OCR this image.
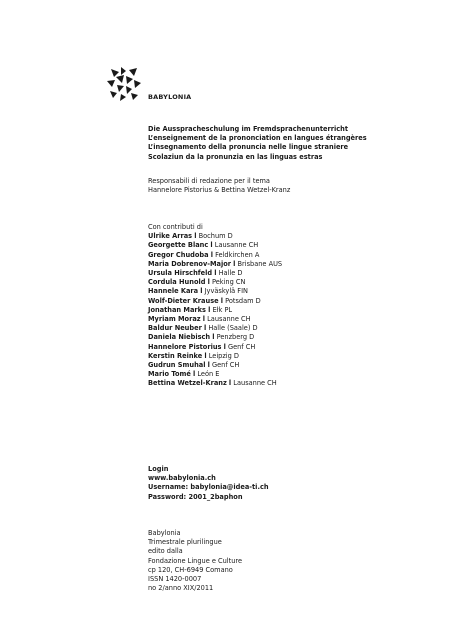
BABYLONIA
Die Ausspracheschulung im Fremdsprachenunterricht
L’enseignement de la prononciation en langues étrangères
L’insegnamento della pronuncia nelle lingue straniere
Scolaziun da la pronunzia en las linguas estras
Responsabili di redazione per il tema
Hannelore Pistorius & Bettina Wetzel-Kranz
Con contributi di
Ulrike Arras l Bochum D
Georgette Blanc l Lausanne CH
Gregor Chudoba l Feldkirchen A
Maria Dobrenov-Major l Brisbane AUS
Ursula Hirschfeld l Halle D
Cordula Hunold l Peking CN
Hannele Kara l Jyväskylä FIN
Wolf-Dieter Krause l Potsdam D
Jonathan Marks l Ełk PL
Myriam Moraz l Lausanne CH
Baldur Neuber l Halle (Saale) D
Daniela Niebisch l Penzberg D
Hannelore Pistorius l Genf CH
Kerstin Reinke l Leipzig D
Gudrun Smuhal l Genf CH
Mario Tomé l León E
Bettina Wetzel-Kranz l Lausanne CH
Login
www.babylonia.ch
Username: babylonia@idea-ti.ch
Password: 2001_2baphon
Babylonia
Trimestrale plurilingue
edito dalla
Fondazione Lingue e Culture
cp 120, CH-6949 Comano
ISSN 1420-0007
no 2/anno XIX/2011
